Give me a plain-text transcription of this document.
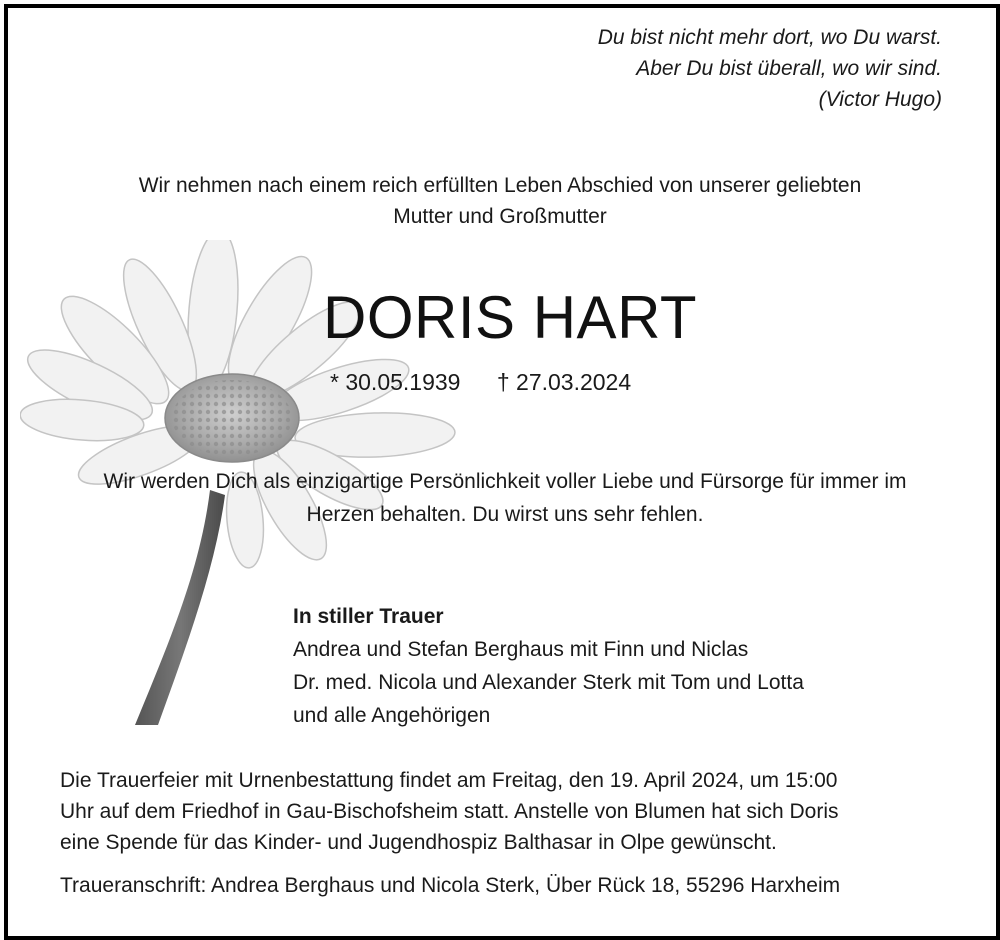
Du bist nicht mehr dort, wo Du warst.
Aber Du bist überall, wo wir sind.
(Victor Hugo)
Wir nehmen nach einem reich erfüllten Leben Abschied von unserer geliebten
Mutter und Großmutter
DORIS HART
* 30.05.1939 † 27.03.2024
Wir werden Dich als einzigartige Persönlichkeit voller Liebe und Fürsorge für immer im
Herzen behalten. Du wirst uns sehr fehlen.
In stiller Trauer
Andrea und Stefan Berghaus mit Finn und Niclas
Dr. med. Nicola und Alexander Sterk mit Tom und Lotta
und alle Angehörigen
Die Trauerfeier mit Urnenbestattung findet am Freitag, den 19. April 2024, um 15:00
Uhr auf dem Friedhof in Gau-Bischofsheim statt. Anstelle von Blumen hat sich Doris
eine Spende für das Kinder- und Jugendhospiz Balthasar in Olpe gewünscht.
Traueranschrift: Andrea Berghaus und Nicola Sterk, Über Rück 18, 55296 Harxheim
